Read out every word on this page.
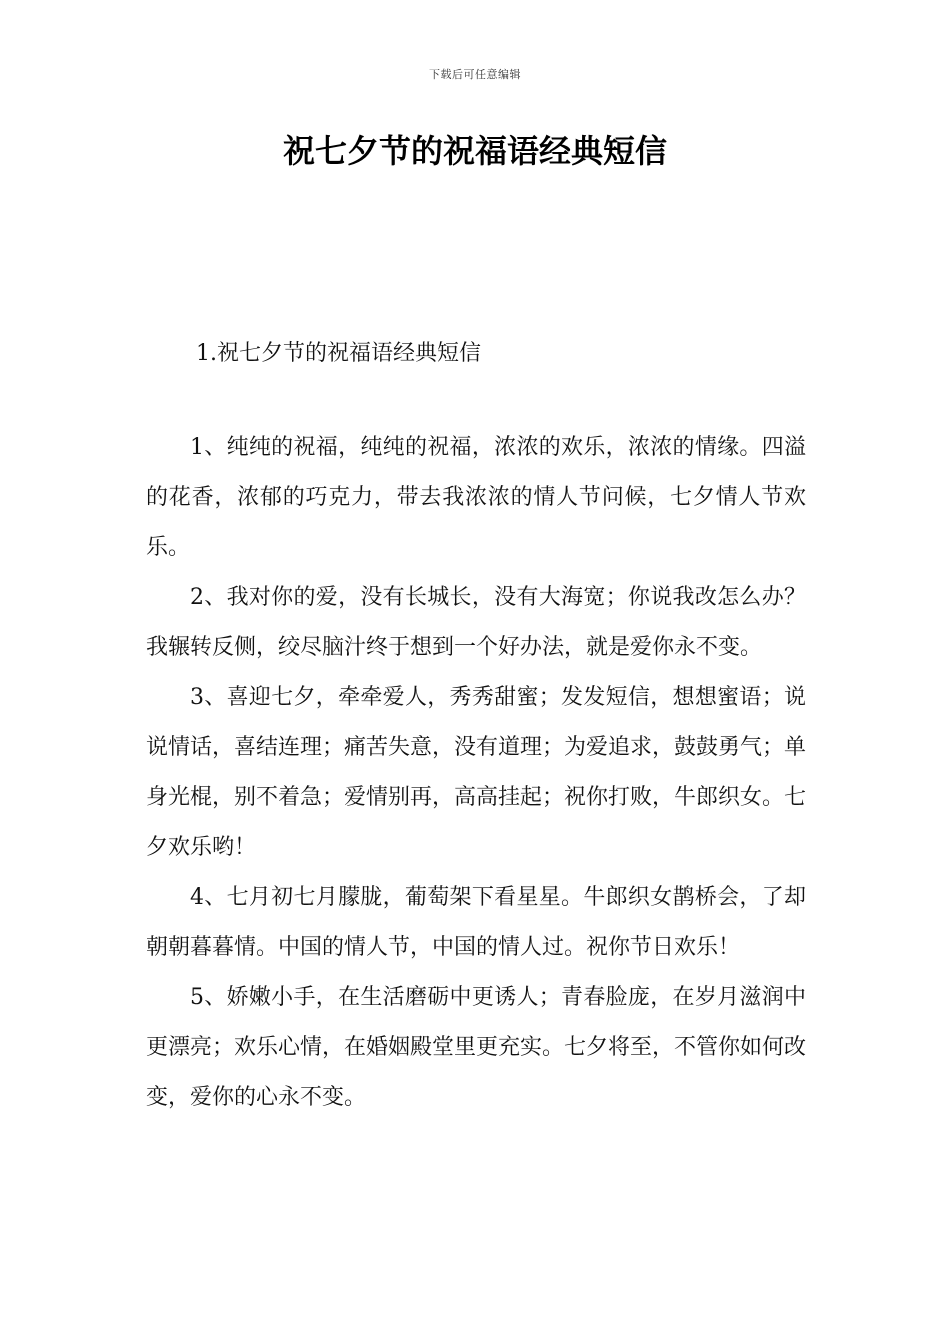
下载后可任意编辑
祝七夕节的祝福语经典短信
1.祝七夕节的祝福语经典短信

1、纯纯的祝福，纯纯的祝福，浓浓的欢乐，浓浓的情缘。四溢的花香，浓郁的巧克力，带去我浓浓的情人节问候，七夕情人节欢乐。

2、我对你的爱，没有长城长，没有大海宽；你说我改怎么办？我辗转反侧，绞尽脑汁终于想到一个好办法，就是爱你永不变。

3、喜迎七夕，牵牵爱人，秀秀甜蜜；发发短信，想想蜜语；说说情话，喜结连理；痛苦失意，没有道理；为爱追求，鼓鼓勇气；单身光棍，别不着急；爱情别再，高高挂起；祝你打败，牛郎织女。七夕欢乐哟！

4、七月初七月朦胧，葡萄架下看星星。牛郎织女鹊桥会，了却朝朝暮暮情。中国的情人节，中国的情人过。祝你节日欢乐！

5、娇嫩小手，在生活磨砺中更诱人；青春脸庞，在岁月滋润中更漂亮；欢乐心情，在婚姻殿堂里更充实。七夕将至，不管你如何改变，爱你的心永不变。
